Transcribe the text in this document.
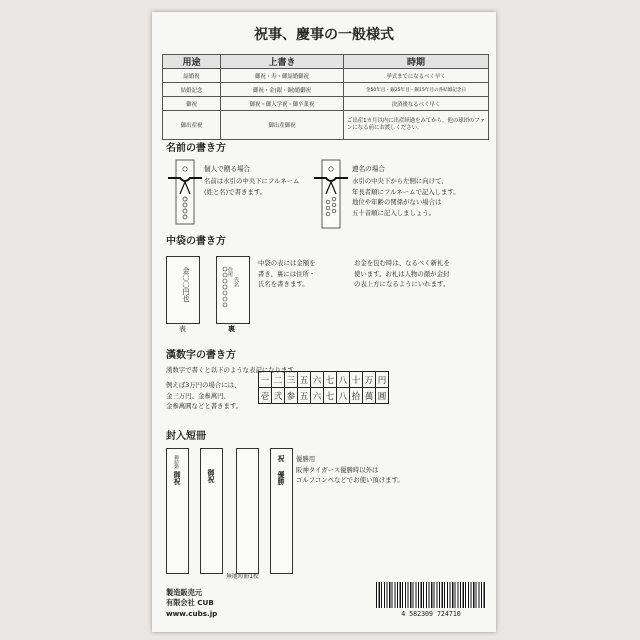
祝事、慶事の一般様式
用途	上書き	時期
結婚祝	御祝・寿・御結婚御祝	挙式までになるべく早く
結婚記念	御祝・金(銀・銅)婚御祝	金50年目・銀25年目・銅15年目の各結婚記念日
御祝	御祝・御入学祝・御卒業祝	決済後なるべく早く
御出産祝	御出産御祝	ご出産1カ月以内に出産経過をみてから。他の球団のファンになる前にお渡しください。
名前の書き方
個人で贈る場合
名前は水引の中央下にフルネーム
(姓と名)で書きます。
連名の場合
水引の中央下から左側に向けて、
年長者順にフルネームで記入します。
地位や年齢の関係がない場合は
五十音順に記入しましょう。
中袋の書き方
金〇〇円也	住所
氏名
表	裏
中袋の表には金額を
書き、裏には住所・
氏名を書きます。
お金を包む時は、なるべく新札を
使います。お札は人物の顔が金封
の表上方になるようにいれます。
漢数字の書き方
漢数字で書くと以下のような表記になります。
例えば3万円の場合には、
金三万円、金参萬円、
金参萬圓などと書きます。
封入短冊
御結婚
御祝	御祝
祝
優勝
無地短冊1枚
優勝用
阪神タイガース優勝時以外は
ゴルフコンペなどでお使い頂けます。
製造販売元
有限会社 CUB
www.cubs.jp	4 582309 724710
一	二	三	五	六	七	八	十	万	円
壱	弐	参	五	六	七	八	拾	萬	圓
